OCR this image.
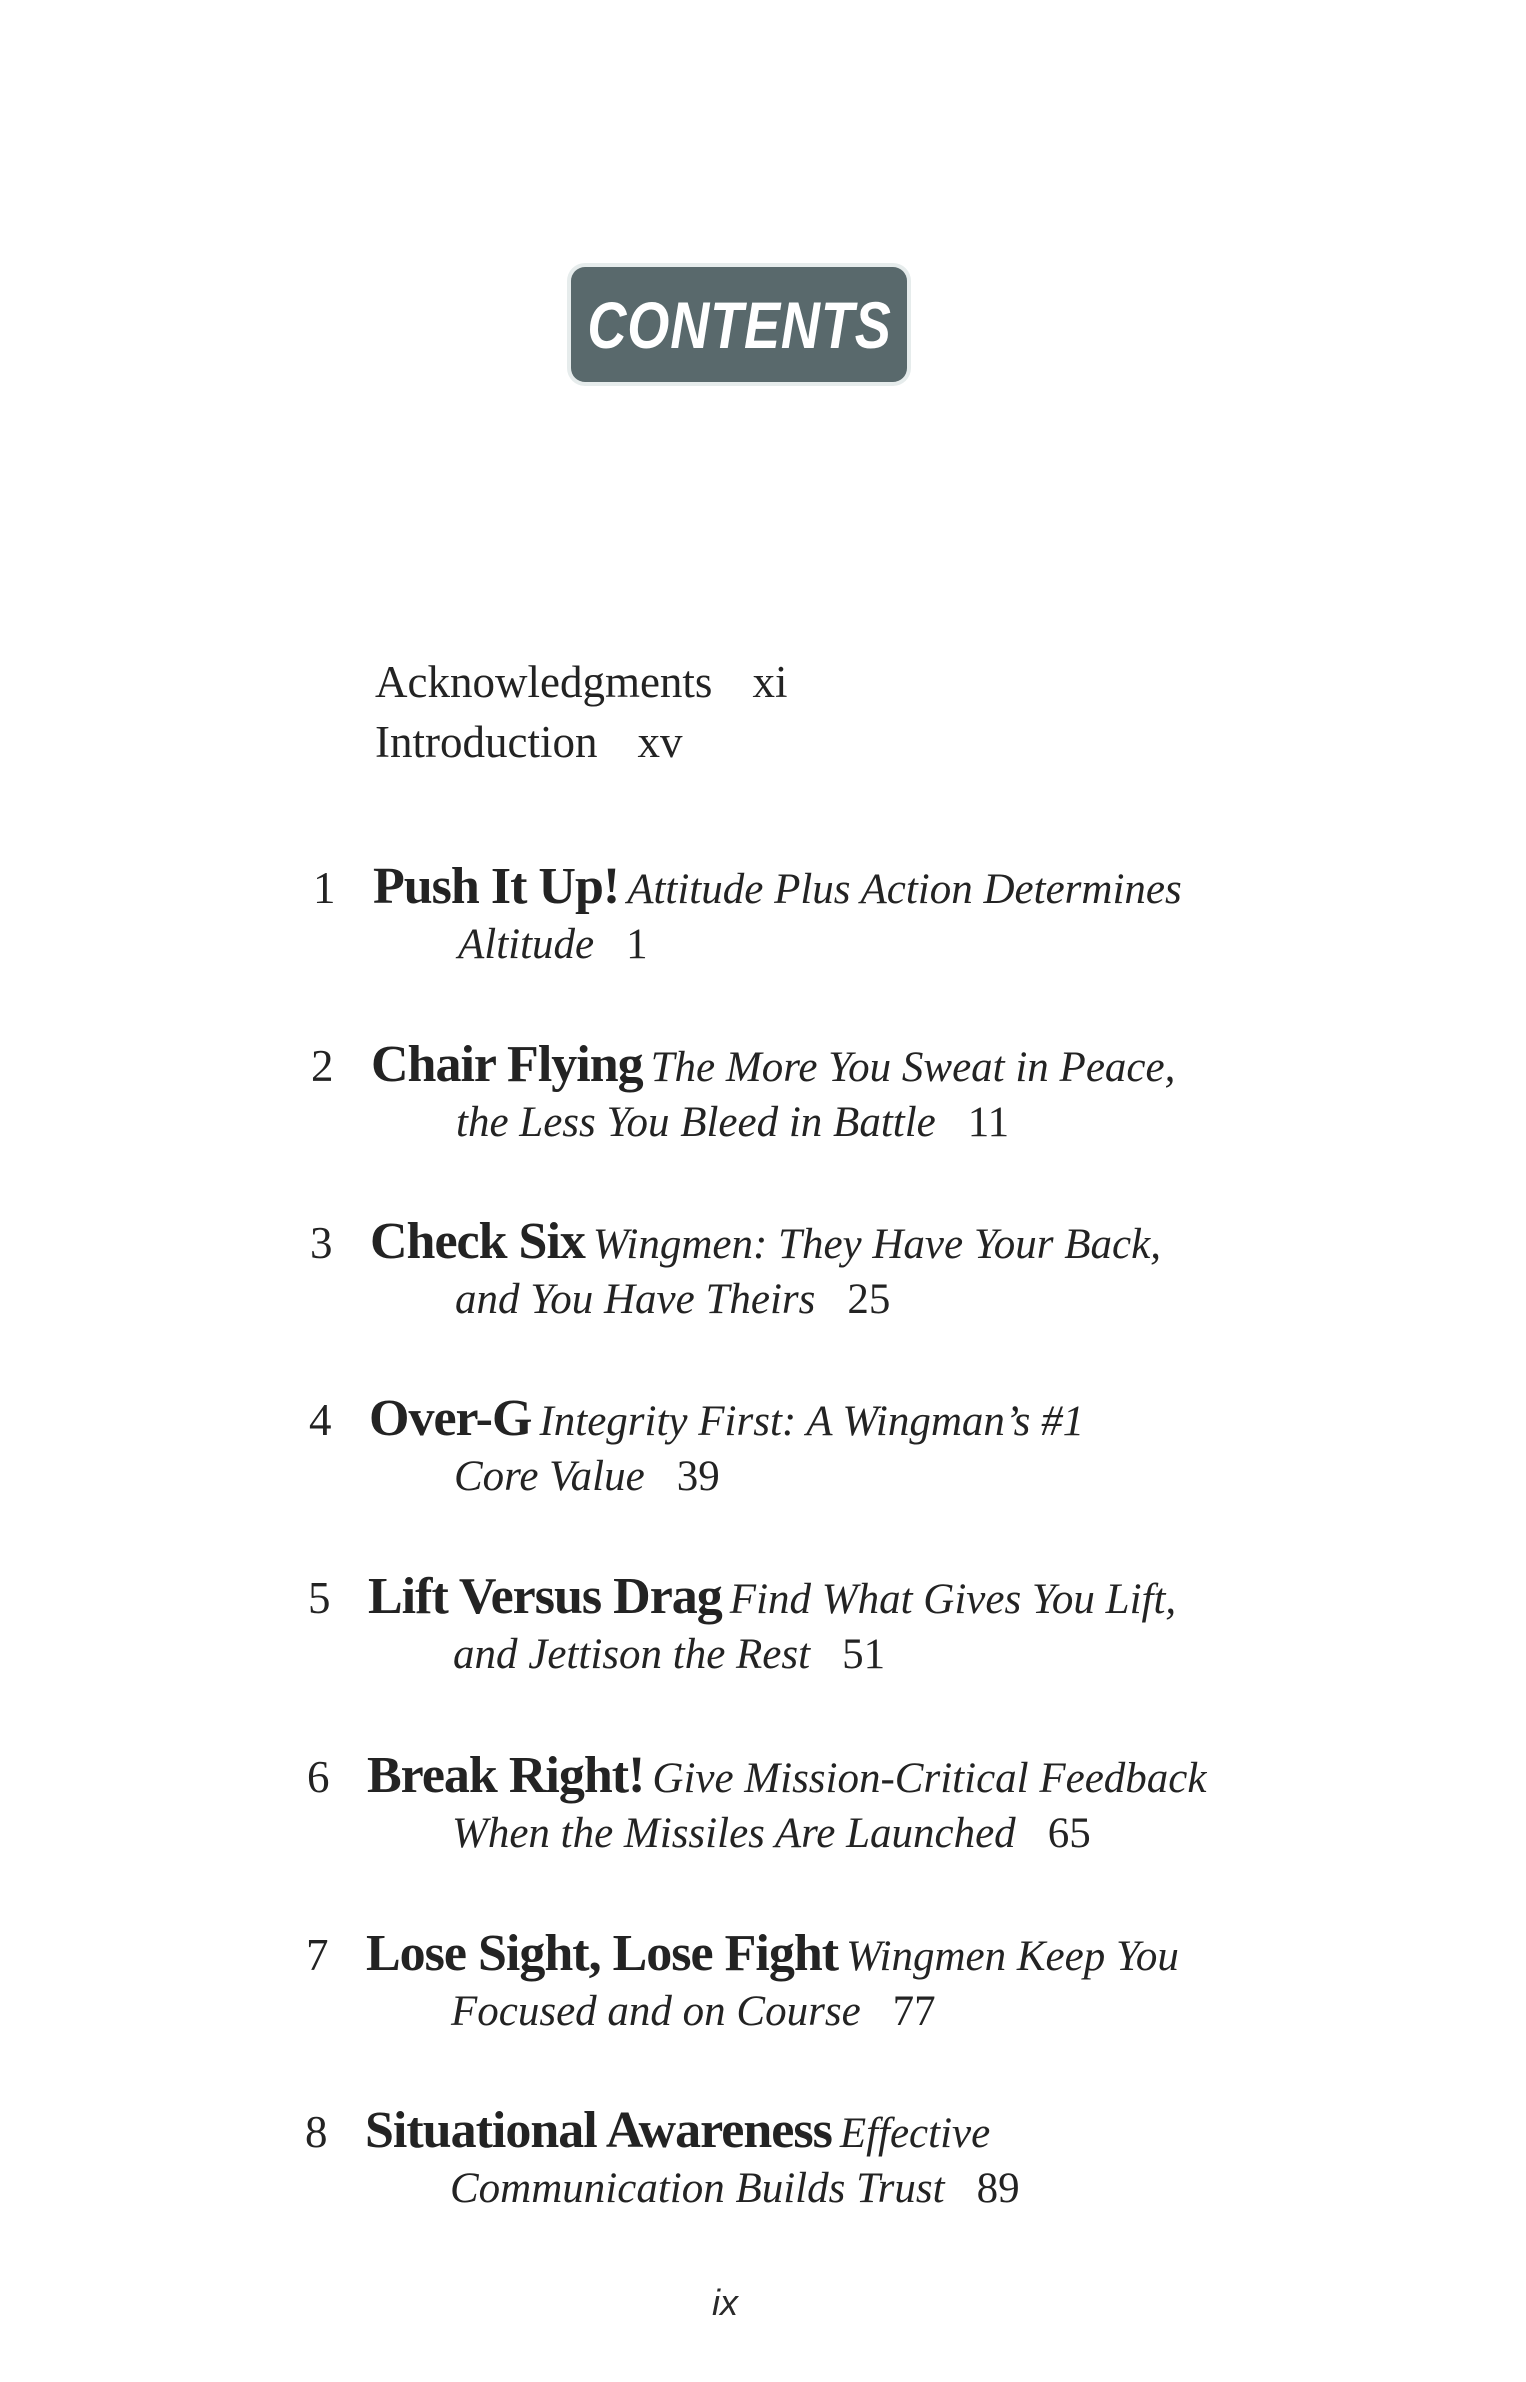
CONTENTS
Acknowledgments xi
Introduction xv
1 Push It Up! Attitude Plus Action Determines
Altitude 1
2 Chair Flying The More You Sweat in Peace,
the Less You Bleed in Battle 11
3 Check Six Wingmen: They Have Your Back,
and You Have Theirs 25
4 Over-G Integrity First: A Wingman’s #1
Core Value 39
5 Lift Versus Drag Find What Gives You Lift,
and Jettison the Rest 51
6 Break Right! Give Mission-Critical Feedback
When the Missiles Are Launched 65
7 Lose Sight, Lose Fight Wingmen Keep You
Focused and on Course 77
8 Situational Awareness Effective
Communication Builds Trust 89
ix
